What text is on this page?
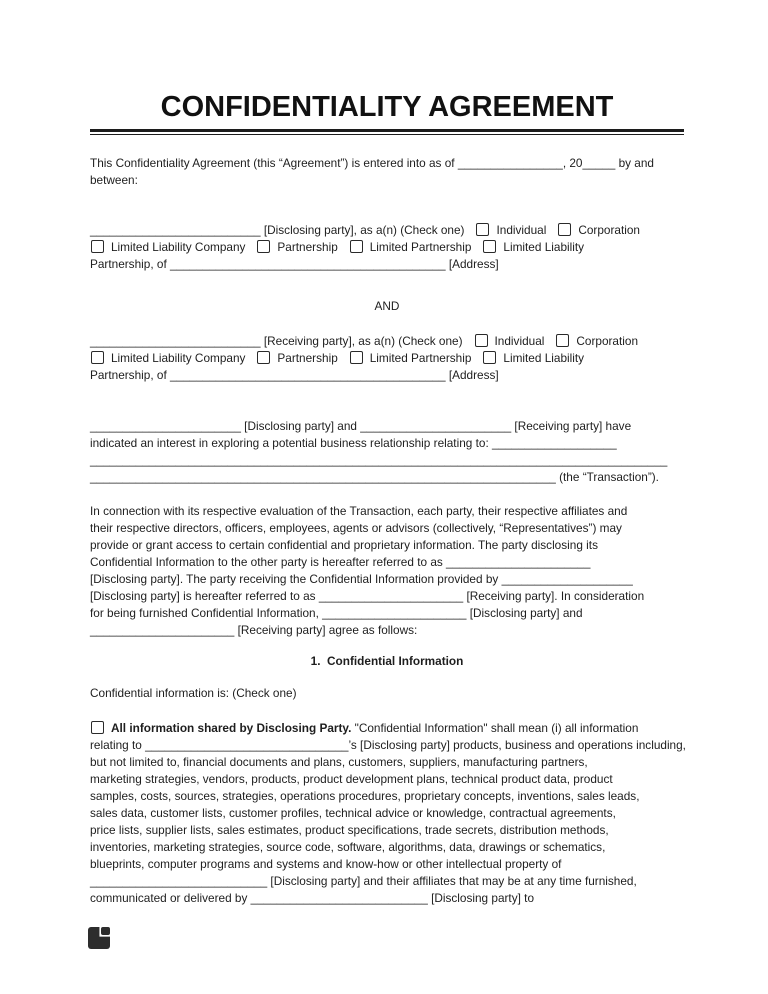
CONFIDENTIALITY AGREEMENT
This Confidentiality Agreement (this “Agreement”) is entered into as of ________________, 20_____ by and
between:
__________________________ [Disclosing party], as a(n) (Check one)	Individual	Corporation
Limited Liability Company	Partnership	Limited Partnership	Limited Liability
Partnership, of __________________________________________ [Address]
AND
__________________________ [Receiving party], as a(n) (Check one)	Individual	Corporation
Limited Liability Company	Partnership	Limited Partnership	Limited Liability
Partnership, of __________________________________________ [Address]
_______________________ [Disclosing party] and _______________________ [Receiving party] have
indicated an interest in exploring a potential business relationship relating to: ___________________
________________________________________________________________________________________
_______________________________________________________________________ (the “Transaction”).
In connection with its respective evaluation of the Transaction, each party, their respective affiliates and
their respective directors, officers, employees, agents or advisors (collectively, “Representatives”) may
provide or grant access to certain confidential and proprietary information. The party disclosing its
Confidential Information to the other party is hereafter referred to as ______________________
[Disclosing party]. The party receiving the Confidential Information provided by ____________________
[Disclosing party] is hereafter referred to as ______________________ [Receiving party]. In consideration
for being furnished Confidential Information, ______________________ [Disclosing party] and
______________________ [Receiving party] agree as follows:
1.  Confidential Information
Confidential information is: (Check one)
All information shared by Disclosing Party. "Confidential Information" shall mean (i) all information
relating to _______________________________’s [Disclosing party] products, business and operations including,
but not limited to, financial documents and plans, customers, suppliers, manufacturing partners,
marketing strategies, vendors, products, product development plans, technical product data, product
samples, costs, sources, strategies, operations procedures, proprietary concepts, inventions, sales leads,
sales data, customer lists, customer profiles, technical advice or knowledge, contractual agreements,
price lists, supplier lists, sales estimates, product specifications, trade secrets, distribution methods,
inventories, marketing strategies, source code, software, algorithms, data, drawings or schematics,
blueprints, computer programs and systems and know-how or other intellectual property of
___________________________ [Disclosing party] and their affiliates that may be at any time furnished,
communicated or delivered by ___________________________ [Disclosing party] to
